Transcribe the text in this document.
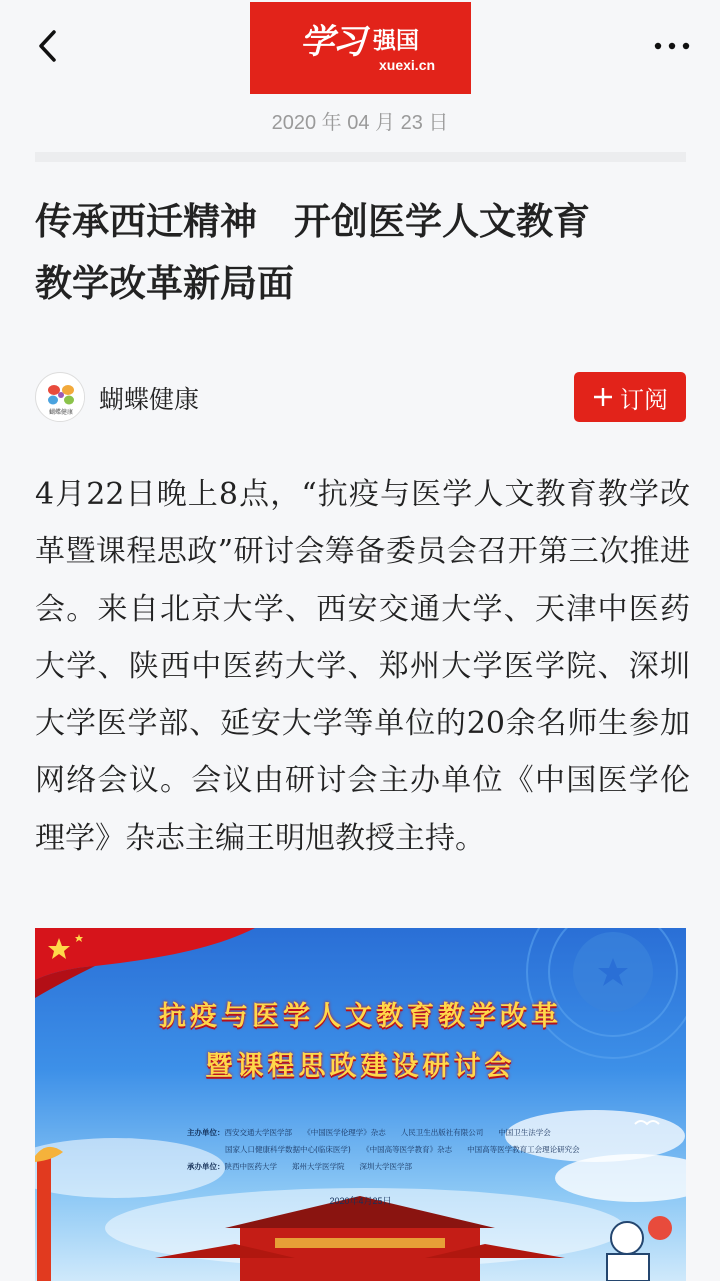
学习 强国
xuexi.cn
2020 年 04 月 23 日
传承西迁精神　开创医学人文教育
教学改革新局面
蝴蝶健康 蝴蝶健康	订阅

4月22日晚上8点，“抗疫与医学人文教育教学改革暨课程思政”研讨会筹备委员会召开第三次推进会。来自北京大学、西安交通大学、天津中医药大学、陕西中医药大学、郑州大学医学院、深圳大学医学部、延安大学等单位的20余名师生参加网络会议。会议由研讨会主办单位《中国医学伦理学》杂志主编王明旭教授主持。

抗疫与医学人文教育教学改革
暨课程思政建设研讨会
主办单位：西安交通大学医学部　　《中国医学伦理学》杂志　　人民卫生出版社有限公司　　中国卫生法学会
国家人口健康科学数据中心(临床医学)　　《中国高等医学教育》杂志　　中国高等医学教育工会理论研究会
承办单位：陕西中医药大学　　郑州大学医学院　　深圳大学医学部
2020年4月25日
